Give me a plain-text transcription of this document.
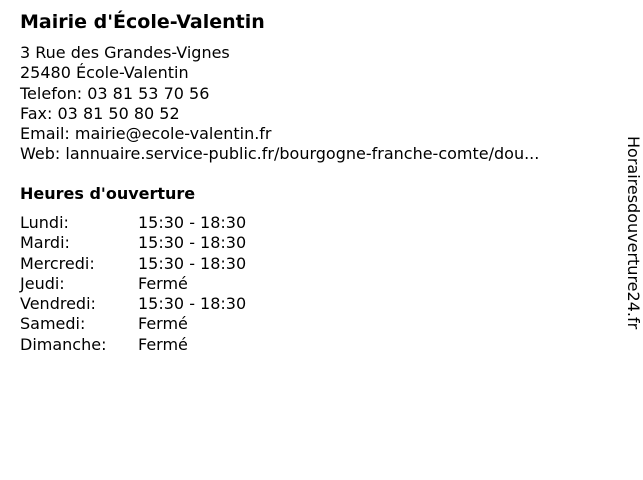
Mairie d'École-Valentin
3 Rue des Grandes-Vignes
25480 École-Valentin
Telefon: 03 81 53 70 56
Fax: 03 81 50 80 52
Email: mairie@ecole-valentin.fr
Web: lannuaire.service-public.fr/bourgogne-franche-comte/dou...
Heures d'ouverture
Lundi:	15:30 - 18:30
Mardi:	15:30 - 18:30
Mercredi:	15:30 - 18:30
Jeudi:	Fermé
Vendredi:	15:30 - 18:30
Samedi:	Fermé
Dimanche: Fermé
Horairesdouverture24.fr
